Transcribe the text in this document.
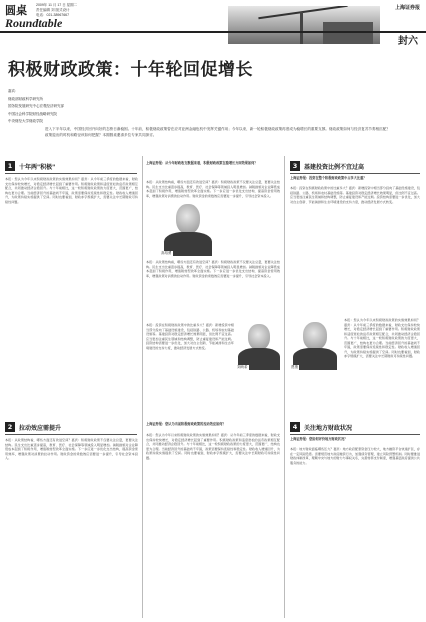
圆桌
Roundtable
2009年 11 月 17 日 星期二
责任编辑 刘 版式设计
电话：021-38967667
上海证券报
封六
积极财政政策：十年轮回促增长
嘉宾：
财政部财政科学研究所
国务院发展研究中心宏观经济研究部
中国社会科学院财经战略研究院
中央财经大学财政学院
进入下半年以来，中国经济回升向好的态势日渐稳固。十年前，积极财政政策曾在应对亚洲金融危机中发挥关键作用；今年以来，新一轮积极财政政策再度成为稳增长的重要支撑。财政政策如何与经济复苏节奏相匹配？政策退出的时机和路径该如何把握？本期圆桌邀请多位专家共同探讨。
1	十年两"积极"
上海证券报：从今年财政收支数据来看，积极财政政策在稳增长方面效果如何？
本报：您认为今年以来积极财政政策的实施效果如何？嘉宾：从今年前三季度的数据来看，财政支出保持较快增长，对稳定经济增长起到了重要作用。积极财政政策和适度宽松的货币政策相互配合，共同推动经济企稳回升。与十年前相比，这一轮积极财政政策的力度更大，范围更广，结构也更为合理。当前经济回升的基础尚不牢固，政策需要保持连续性和稳定性。财政收入增速回升，为政策持续实施提供了空间。同时也要看到，财政赤字规模扩大，需要关注中长期财政可持续性问题。
高培勇
本报：从政策结构看，哪些方面还有改进空间？嘉宾：积极财政政策不仅要关注总量，更要关注结构。民生支出比重逐步提高，教育、医疗、社会保障等领域投入明显增加。减税措施对企业降低成本起到了积极作用，增值税转型改革全面实施。下一步应进一步优化支出结构，提高资金使用效率，增强政策对消费的拉动作用。财政资金的乘数效应需要进一步提升，引导社会资本投入。
本报：从政策结构看，哪些方面还有改进空间？嘉宾：积极财政政策不仅要关注总量，更要关注结构。民生支出比重逐步提高，教育、医疗、社会保障等领域投入明显增加。减税措施对企业降低成本起到了积极作用，增值税转型改革全面实施。下一步应进一步优化支出结构，提高资金使用效率，增强政策对消费的拉动作用。财政资金的乘数效应需要进一步提升，引导社会资本投入。
刘尚希
本报：投资在积极财政政策中的比重多大？嘉宾：新增投资中相当部分投向了基础设施建设，包括铁路、公路、机场和农村基础设施等。基建投资对稳定经济增长效果明显，但比例不宜过高。应当更加注重民生领域和结构调整，防止重复建设和产能过剩。投资结构需要进一步优化，加大对自主创新、节能减排和生态环境建设的支持力度，推动经济发展方式转变。
2	拉动效应需提升
上海证券报：您认为当前积极财政政策的拉动效应如何？
本报：从政策结构看，哪些方面还有改进空间？嘉宾：积极财政政策不仅要关注总量，更要关注结构。民生支出比重逐步提高，教育、医疗、社会保障等领域投入明显增加。减税措施对企业降低成本起到了积极作用，增值税转型改革全面实施。下一步应进一步优化支出结构，提高资金使用效率，增强政策对消费的拉动作用。财政资金的乘数效应需要进一步提升，引导社会资本投入。
本报：您认为今年以来积极财政政策的实施效果如何？嘉宾：从今年前三季度的数据来看，财政支出保持较快增长，对稳定经济增长起到了重要作用。积极财政政策和适度宽松的货币政策相互配合，共同推动经济企稳回升。与十年前相比，这一轮积极财政政策的力度更大，范围更广，结构也更为合理。当前经济回升的基础尚不牢固，政策需要保持连续性和稳定性。财政收入增速回升，为政策持续实施提供了空间。同时也要看到，财政赤字规模扩大，需要关注中长期财政可持续性问题。
3	基建投资比例不宜过高
上海证券报：投资在整个积极财政政策中占多大比重？
本报：投资在积极财政政策中的比重多大？嘉宾：新增投资中相当部分投向了基础设施建设，包括铁路、公路、机场和农村基础设施等。基建投资对稳定经济增长效果明显，但比例不宜过高。应当更加注重民生领域和结构调整，防止重复建设和产能过剩。投资结构需要进一步优化，加大对自主创新、节能减排和生态环境建设的支持力度，推动经济发展方式转变。
贾康
本报：您认为今年以来积极财政政策的实施效果如何？嘉宾：从今年前三季度的数据来看，财政支出保持较快增长，对稳定经济增长起到了重要作用。积极财政政策和适度宽松的货币政策相互配合，共同推动经济企稳回升。与十年前相比，这一轮积极财政政策的力度更大，范围更广，结构也更为合理。当前经济回升的基础尚不牢固，政策需要保持连续性和稳定性。财政收入增速回升，为政策持续实施提供了空间。同时也要看到，财政赤字规模扩大，需要关注中长期财政可持续性问题。
4	关注地方财政状况
上海证券报：您如何评价地方财政状况？
本报：地方财政面临哪些压力？嘉宾：地方政府配套资金压力较大，地方融资平台快速扩张，存在一定风险隐患。需要规范地方政府融资行为，加强债务管理，建立风险预警机制。同时要推进财政体制改革，理顺中央与地方的财力与事权关系，完善转移支付制度，增强基层政府提供公共服务的能力。
